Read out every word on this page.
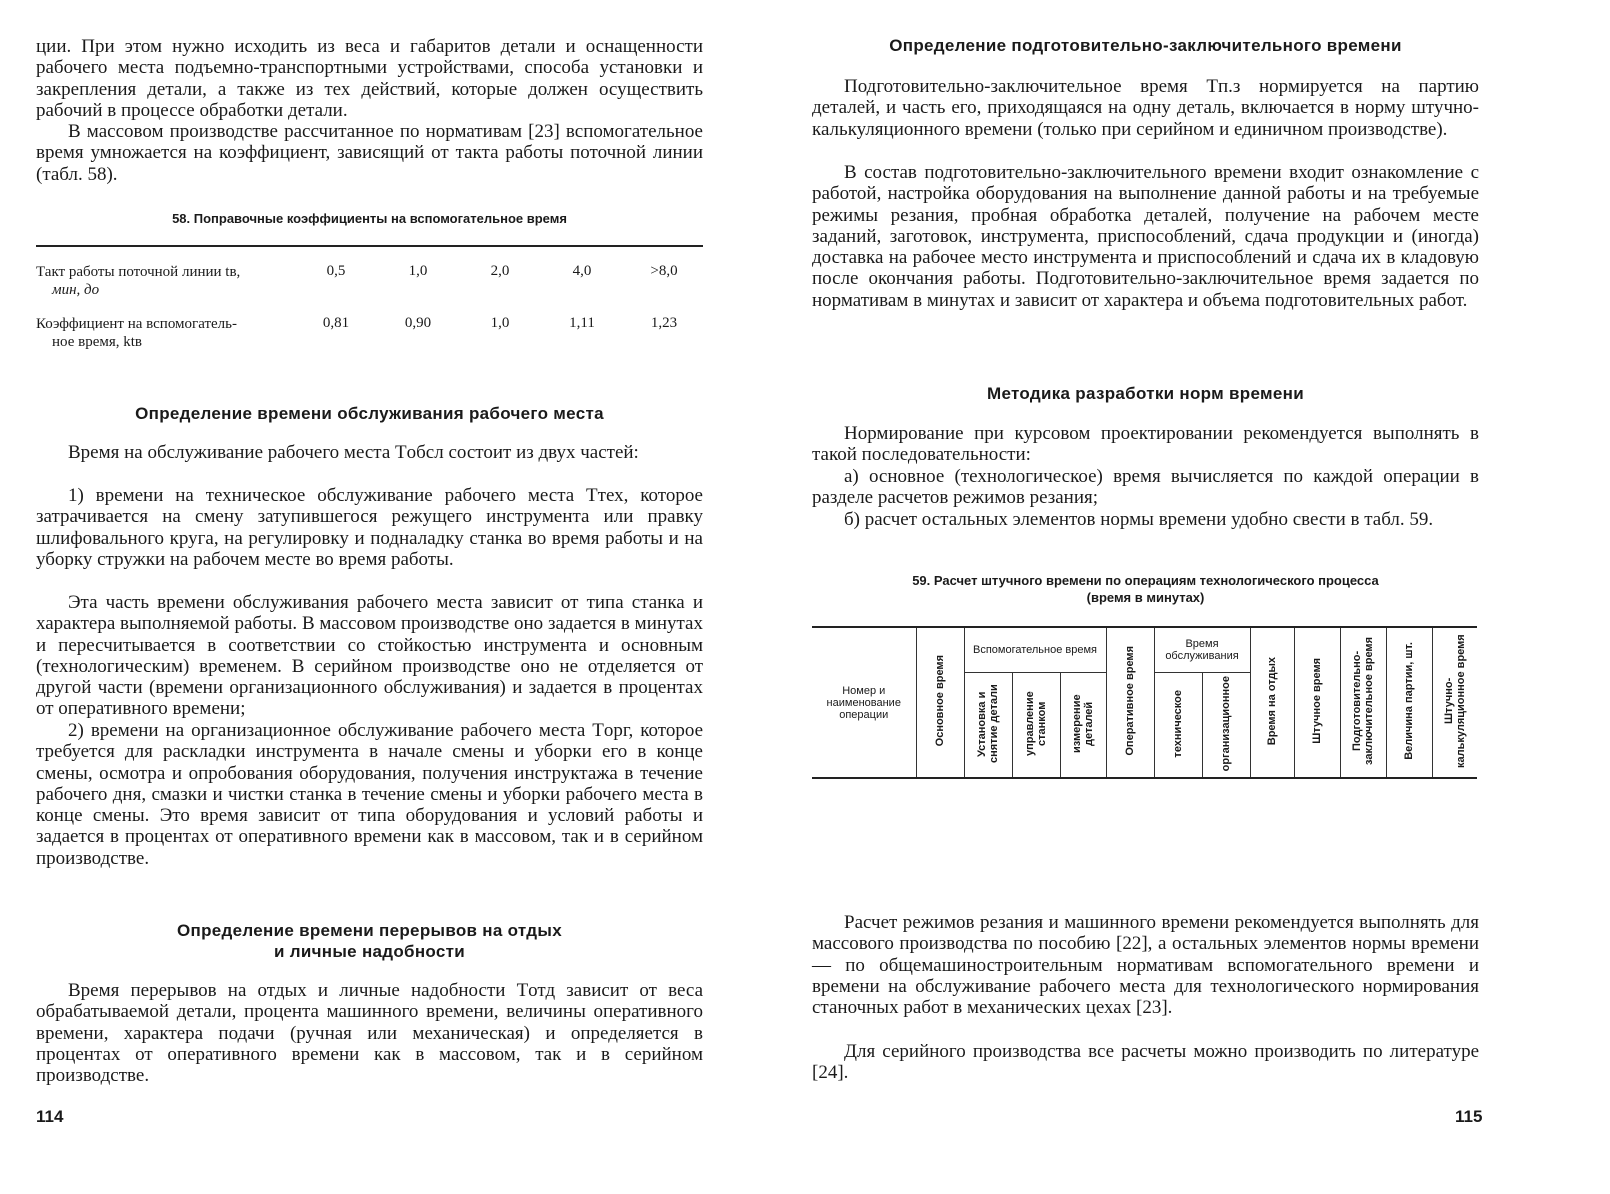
ции. При этом нужно исходить из веса и габаритов детали и оснащенности рабочего места подъемно-транспортными устройствами, способа установки и закрепления детали, а также из тех действий, которые должен осуществить рабочий в процессе обработки детали.

В массовом производстве рассчитанное по нормативам [23] вспомогательное время умножается на коэффициент, зависящий от такта работы поточной линии (табл. 58).

58. Поправочные коэффициенты на вспомогательное время
Такт работы поточной линии tв,
мин, до
0,5	1,0	2,0	4,0	>8,0
Коэффициент на вспомогатель-
ное время, ktв
0,81	0,90	1,0	1,11	1,23
Определение времени обслуживания рабочего места

Время на обслуживание рабочего места Tобсл состоит из двух частей:

1) времени на техническое обслуживание рабочего места Tтех, которое затрачивается на смену затупившегося режущего инструмента или правку шлифовального круга, на регулировку и подналадку станка во время работы и на уборку стружки на рабочем месте во время работы.

Эта часть времени обслуживания рабочего места зависит от типа станка и характера выполняемой работы. В массовом производстве оно задается в минутах и пересчитывается в соответствии со стойкостью инструмента и основным (технологическим) временем. В серийном производстве оно не отделяется от другой части (времени организационного обслуживания) и задается в процентах от оперативного времени;

2) времени на организационное обслуживание рабочего места Tорг, которое требуется для раскладки инструмента в начале смены и уборки его в конце смены, осмотра и опробования оборудования, получения инструктажа в течение рабочего дня, смазки и чистки станка в течение смены и уборки рабочего места в конце смены. Это время зависит от типа оборудования и условий работы и задается в процентах от оперативного времени как в массовом, так и в серийном производстве.

Определение времени перерывов на отдых
и личные надобности

Время перерывов на отдых и личные надобности Tотд зависит от веса обрабатываемой детали, процента машинного времени, величины оперативного времени, характера подачи (ручная или механическая) и определяется в процентах от оперативного времени как в массовом, так и в серийном производстве.

114
Определение подготовительно-заключительного времени

Подготовительно-заключительное время Tп.з нормируется на партию деталей, и часть его, приходящаяся на одну деталь, включается в норму штучно-калькуляционного времени (только при серийном и единичном производстве).

В состав подготовительно-заключительного времени входит ознакомление с работой, настройка оборудования на выполнение данной работы и на требуемые режимы резания, пробная обработка деталей, получение на рабочем месте заданий, заготовок, инструмента, приспособлений, сдача продукции и (иногда) доставка на рабочее место инструмента и приспособлений и сдача их в кладовую после окончания работы. Подготовительно-заключительное время задается по нормативам в минутах и зависит от характера и объема подготовительных работ.

Методика разработки норм времени

Нормирование при курсовом проектировании рекомендуется выполнять в такой последовательности:

а) основное (технологическое) время вычисляется по каждой операции в разделе расчетов режимов резания;

б) расчет остальных элементов нормы времени удобно свести в табл. 59.

59. Расчет штучного времени по операциям технологического процесса
(время в минутах)
Номер и наименование операции	Основное время	Вспомогательное время			Оперативное время	Время обслуживания		Время на отдых	Штучное время	Подготовительно-заключительное время	Величина партии, шт.	Штучно-калькуляционное время
		Установка и снятие детали	управление станком	измерение деталей		техническое	организационное					

Расчет режимов резания и машинного времени рекомендуется выполнять для массового производства по пособию [22], а остальных элементов нормы времени — по общемашиностроительным нормативам вспомогательного времени и времени на обслуживание рабочего места для технологического нормирования станочных работ в механических цехах [23].

Для серийного производства все расчеты можно производить по литературе [24].

115
